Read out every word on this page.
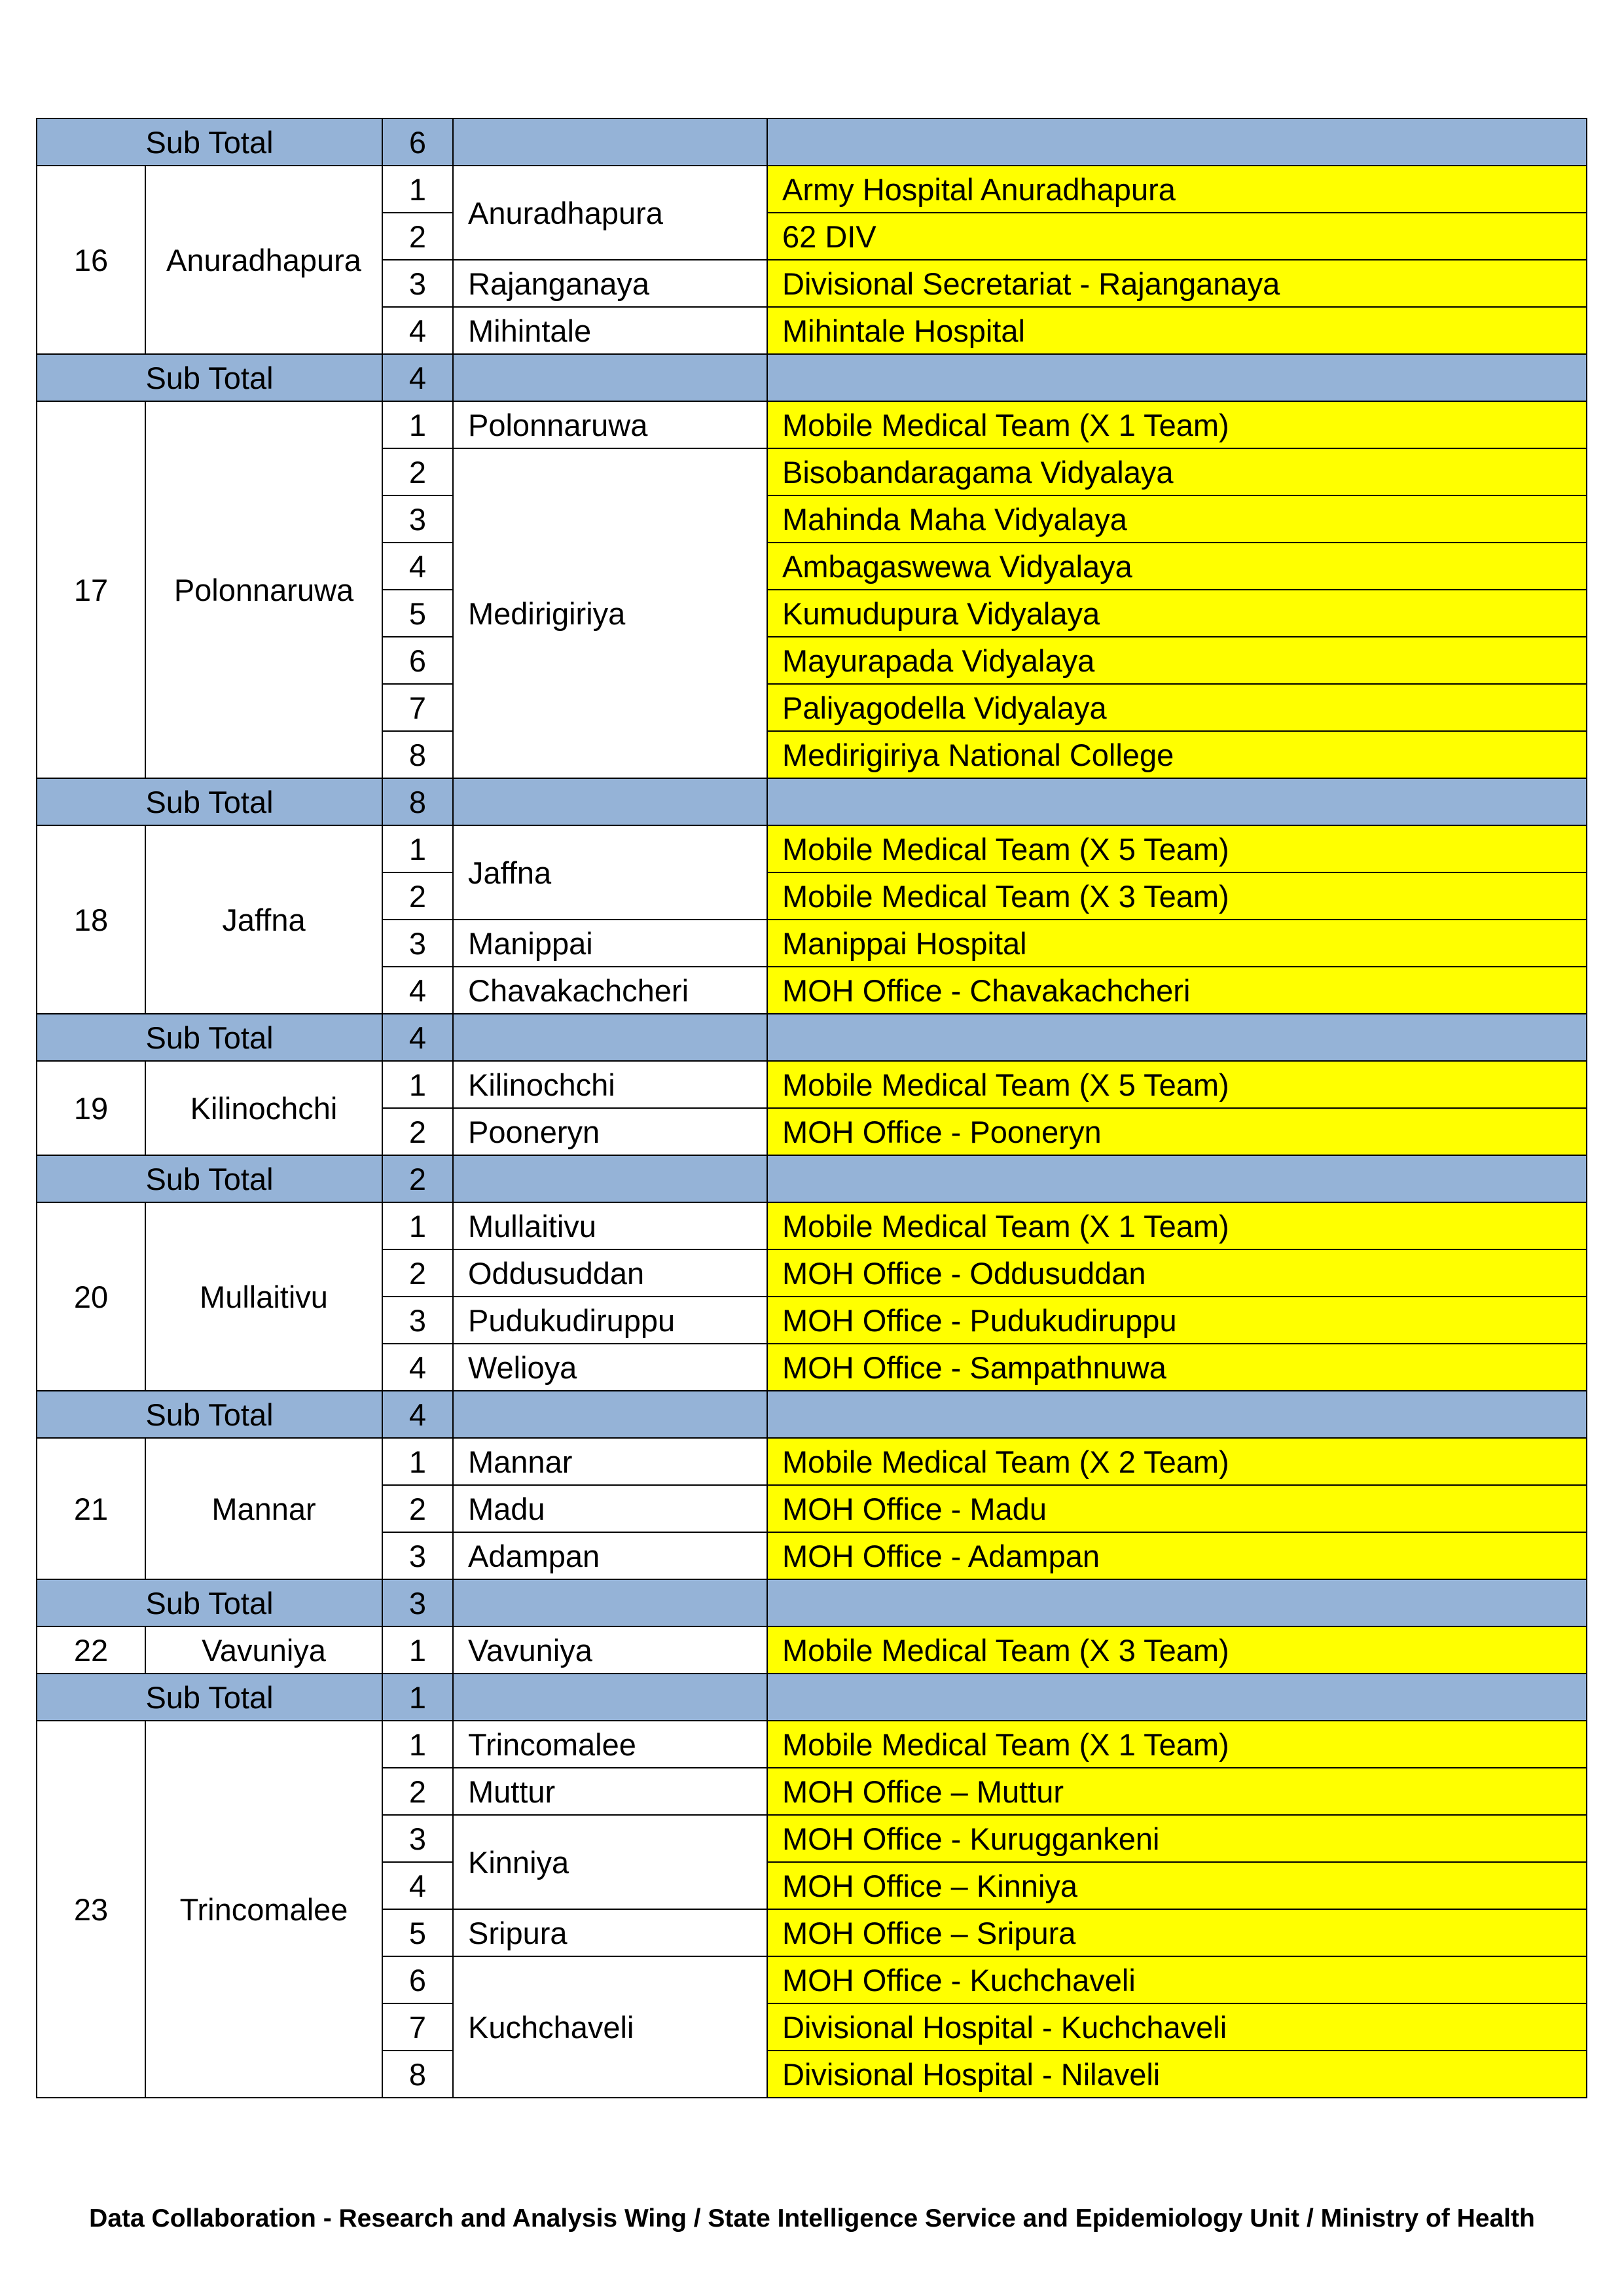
Sub Total		6		
16	Anuradhapura	1	Anuradhapura	Army Hospital Anuradhapura
		2		62 DIV
		3	Rajanganaya	Divisional Secretariat - Rajanganaya
		4	Mihintale	Mihintale Hospital
Sub Total		4		
17	Polonnaruwa	1	Polonnaruwa	Mobile Medical Team (X 1 Team)
		2	Medirigiriya	Bisobandaragama Vidyalaya
		3		Mahinda Maha Vidyalaya
		4		Ambagaswewa Vidyalaya
		5		Kumudupura Vidyalaya
		6		Mayurapada Vidyalaya
		7		Paliyagodella Vidyalaya
		8		Medirigiriya National College
Sub Total		8		
18	Jaffna	1	Jaffna	Mobile Medical Team (X 5 Team)
		2		Mobile Medical Team (X 3 Team)
		3	Manippai	Manippai Hospital
		4	Chavakachcheri	MOH Office - Chavakachcheri
Sub Total		4		
19	Kilinochchi	1	Kilinochchi	Mobile Medical Team (X 5 Team)
		2	Pooneryn	MOH Office - Pooneryn
Sub Total		2		
20	Mullaitivu	1	Mullaitivu	Mobile Medical Team (X 1 Team)
		2	Oddusuddan	MOH Office - Oddusuddan
		3	Pudukudiruppu	MOH Office - Pudukudiruppu
		4	Welioya	MOH Office - Sampathnuwa
Sub Total		4		
21	Mannar	1	Mannar	Mobile Medical Team (X 2 Team)
		2	Madu	MOH Office - Madu
		3	Adampan	MOH Office - Adampan
Sub Total		3		
22	Vavuniya	1	Vavuniya	Mobile Medical Team (X 3 Team)
Sub Total		1		
23	Trincomalee	1	Trincomalee	Mobile Medical Team (X 1 Team)
		2	Muttur	MOH Office – Muttur
		3	Kinniya	MOH Office - Kuruggankeni
		4		MOH Office – Kinniya
		5	Sripura	MOH Office – Sripura
		6	Kuchchaveli	MOH Office - Kuchchaveli
		7		Divisional Hospital - Kuchchaveli
		8		Divisional Hospital - Nilaveli
Data Collaboration - Research and Analysis Wing / State Intelligence Service and Epidemiology Unit / Ministry of Health
